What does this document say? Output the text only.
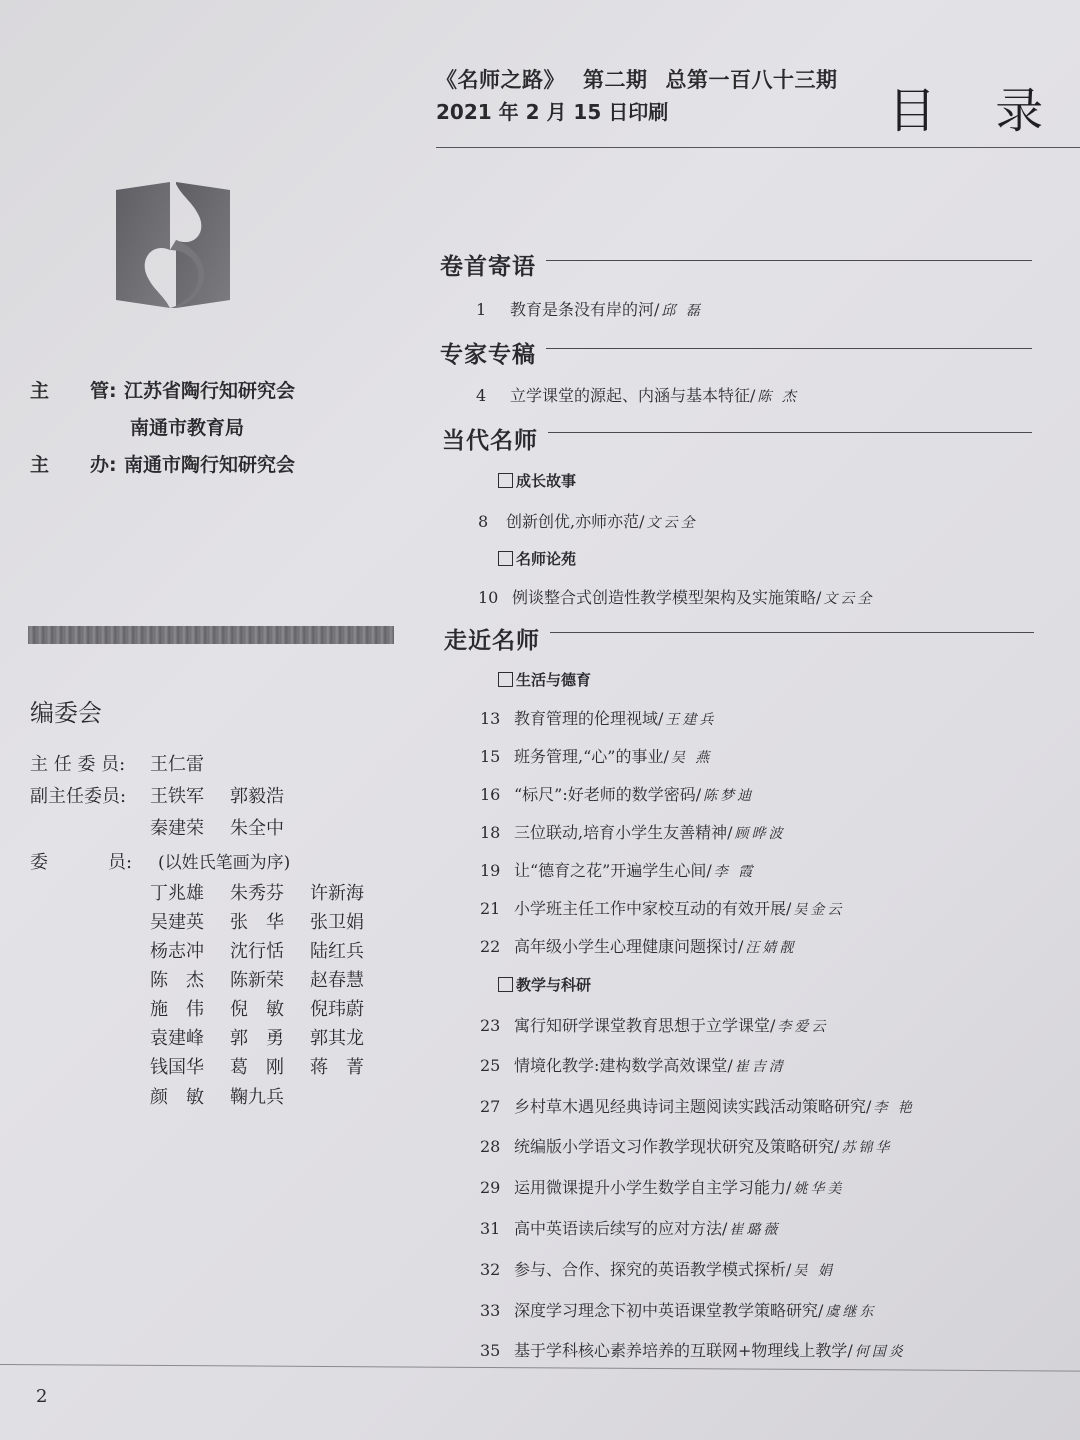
《名师之路》 第二期 总第一百八十三期
2021 年 2 月 15 日印刷	目 录
主 管: 江苏省陶行知研究会
南通市教育局
主 办: 南通市陶行知研究会
编委会
主 任 委 员: 王仁雷
副主任委员: 王铁军	郭毅浩
秦建荣	朱全中
委	员: (以姓氏笔画为序)
丁兆雄	朱秀芬	许新海
吴建英	张　华	张卫娟
杨志冲	沈行恬	陆红兵
陈　杰	陈新荣	赵春慧
施　伟	倪　敏	倪玮蔚
袁建峰	郭　勇	郭其龙
钱国华	葛　刚	蒋　菁
颜　敏	鞠九兵
卷首寄语
1 教育是条没有岸的河/ 邱 磊
专家专稿
4 立学课堂的源起、内涵与基本特征/ 陈 杰
当代名师
成长故事
8 创新创优,亦师亦范/ 文云全
名师论苑
10 例谈整合式创造性教学模型架构及实施策略/ 文云全
走近名师
生活与德育
13 教育管理的伦理视域/ 王建兵
15 班务管理,“心”的事业/ 吴 燕
16 “标尺”:好老师的数学密码/ 陈梦迪
18 三位联动,培育小学生友善精神/ 顾晔波
19 让“德育之花”开遍学生心间/ 李 霞
21 小学班主任工作中家校互动的有效开展/ 吴金云
22 高年级小学生心理健康问题探讨/ 汪婧靓
教学与科研
23 寓行知研学课堂教育思想于立学课堂/ 李爱云
25 情境化教学:建构数学高效课堂/ 崔吉清
27 乡村草木遇见经典诗词主题阅读实践活动策略研究/ 李 艳
28 统编版小学语文习作教学现状研究及策略研究/ 苏锦华
29 运用微课提升小学生数学自主学习能力/ 姚华美
31 高中英语读后续写的应对方法/ 崔璐薇
32 参与、合作、探究的英语教学模式探析/ 吴 娟
33 深度学习理念下初中英语课堂教学策略研究/ 虞继东
35 基于学科核心素养培养的互联网+物理线上教学/ 何国炎
2
